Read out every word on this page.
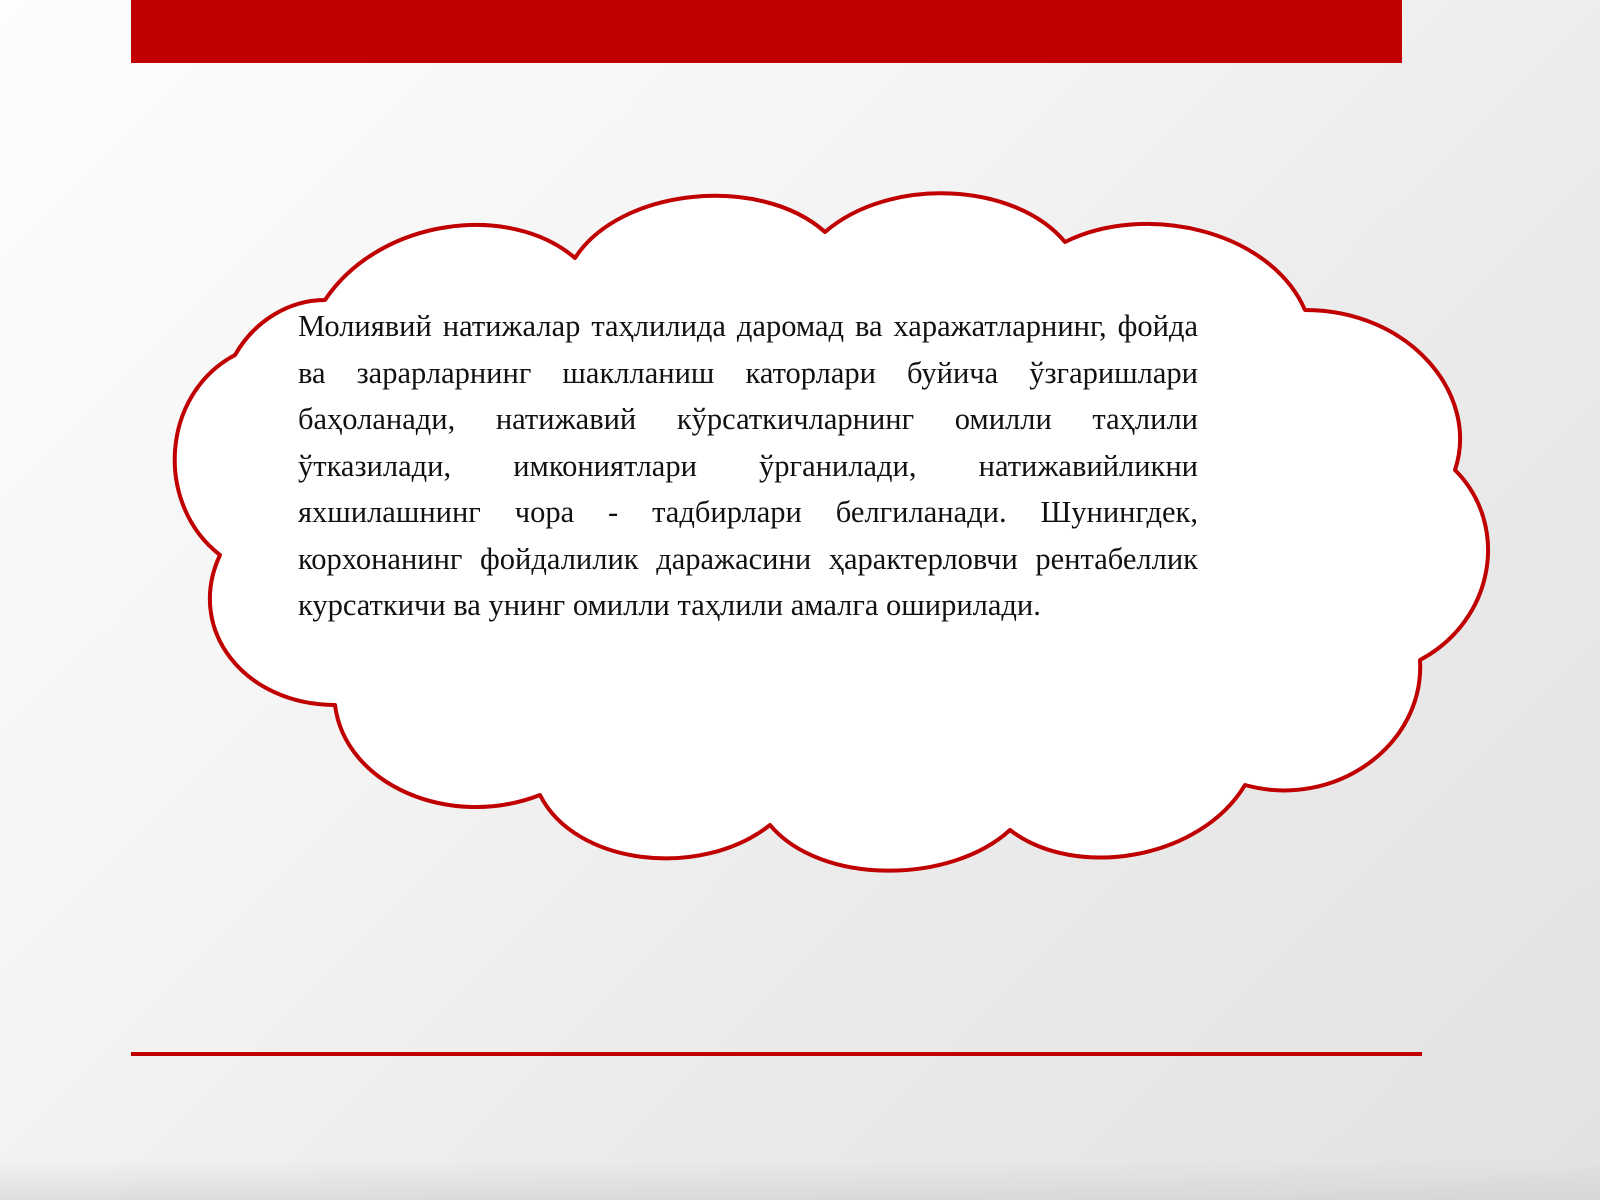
Молиявий натижалар таҳлилида даромад ва харажатларнинг, фойда ва зарарларнинг шаклланиш каторлари буйича ўзгаришлари баҳоланади, натижавий кўрсаткичларнинг омилли таҳлили ўтказилади, имкониятлари ўрганилади, натижавийликни яхшилашнинг чора - тадбирлари белгиланади. Шунингдек, корхонанинг фойдалилик даражасини ҳарактерловчи рентабеллик курсаткичи ва унинг омилли таҳлили амалга оширилади.
